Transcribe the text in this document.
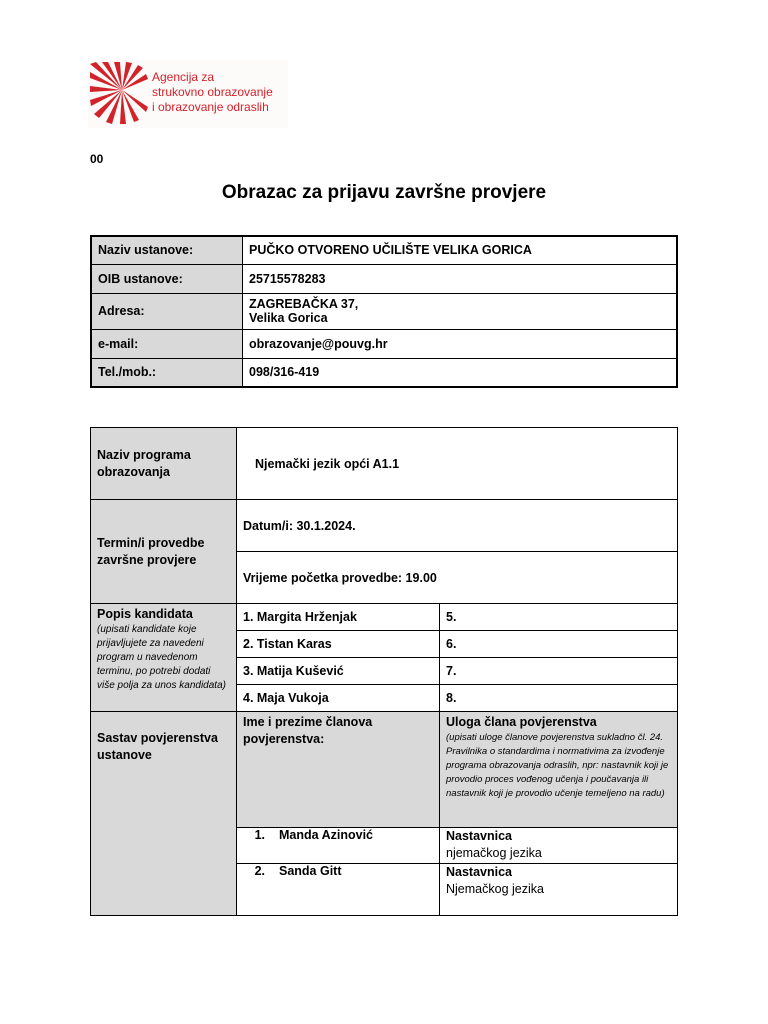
Agencija za
strukovno obrazovanje
i obrazovanje odraslih
00
Obrazac za prijavu završne provjere
Naziv ustanove:	PUČKO OTVORENO UČILIŠTE VELIKA GORICA
OIB ustanove:	25715578283
Adresa:	ZAGREBAČKA 37,
Velika Gorica

e-mail:	obrazovanje@pouvg.hr
Tel./mob.:	098/316-419
Naziv programa obrazovanja	Njemački jezik opći A1.1	
Termin/i provedbe završne provjere	Datum/i: 30.1.2024.	
	Vrijeme početka provedbe: 19.00	
Popis kandidata
(upisati kandidate koje prijavljujete za navedeni program u navedenom terminu, po potrebi dodati više polja za unos kandidata)	1. Margita Hrženjak	5.
	2. Tistan Karas	6.
	3. Matija Kušević	7.
	4. Maja Vukoja	8.
Sastav povjerenstva ustanove	Ime i prezime članova povjerenstva:	Uloga člana povjerenstva
(upisati uloge članove povjerenstva sukladno čl. 24. Pravilnika o standardima i normativima za izvođenje programa obrazovanja odraslih, npr: nastavnik koji je provodio proces vođenog učenja i poučavanja ili nastavnik koji je provodio učenje temeljeno na radu)

	1. Manda Azinović	Nastavnica
njemačkog jezika

	2. Sanda Gitt	Nastavnica
Njemačkog jezika
